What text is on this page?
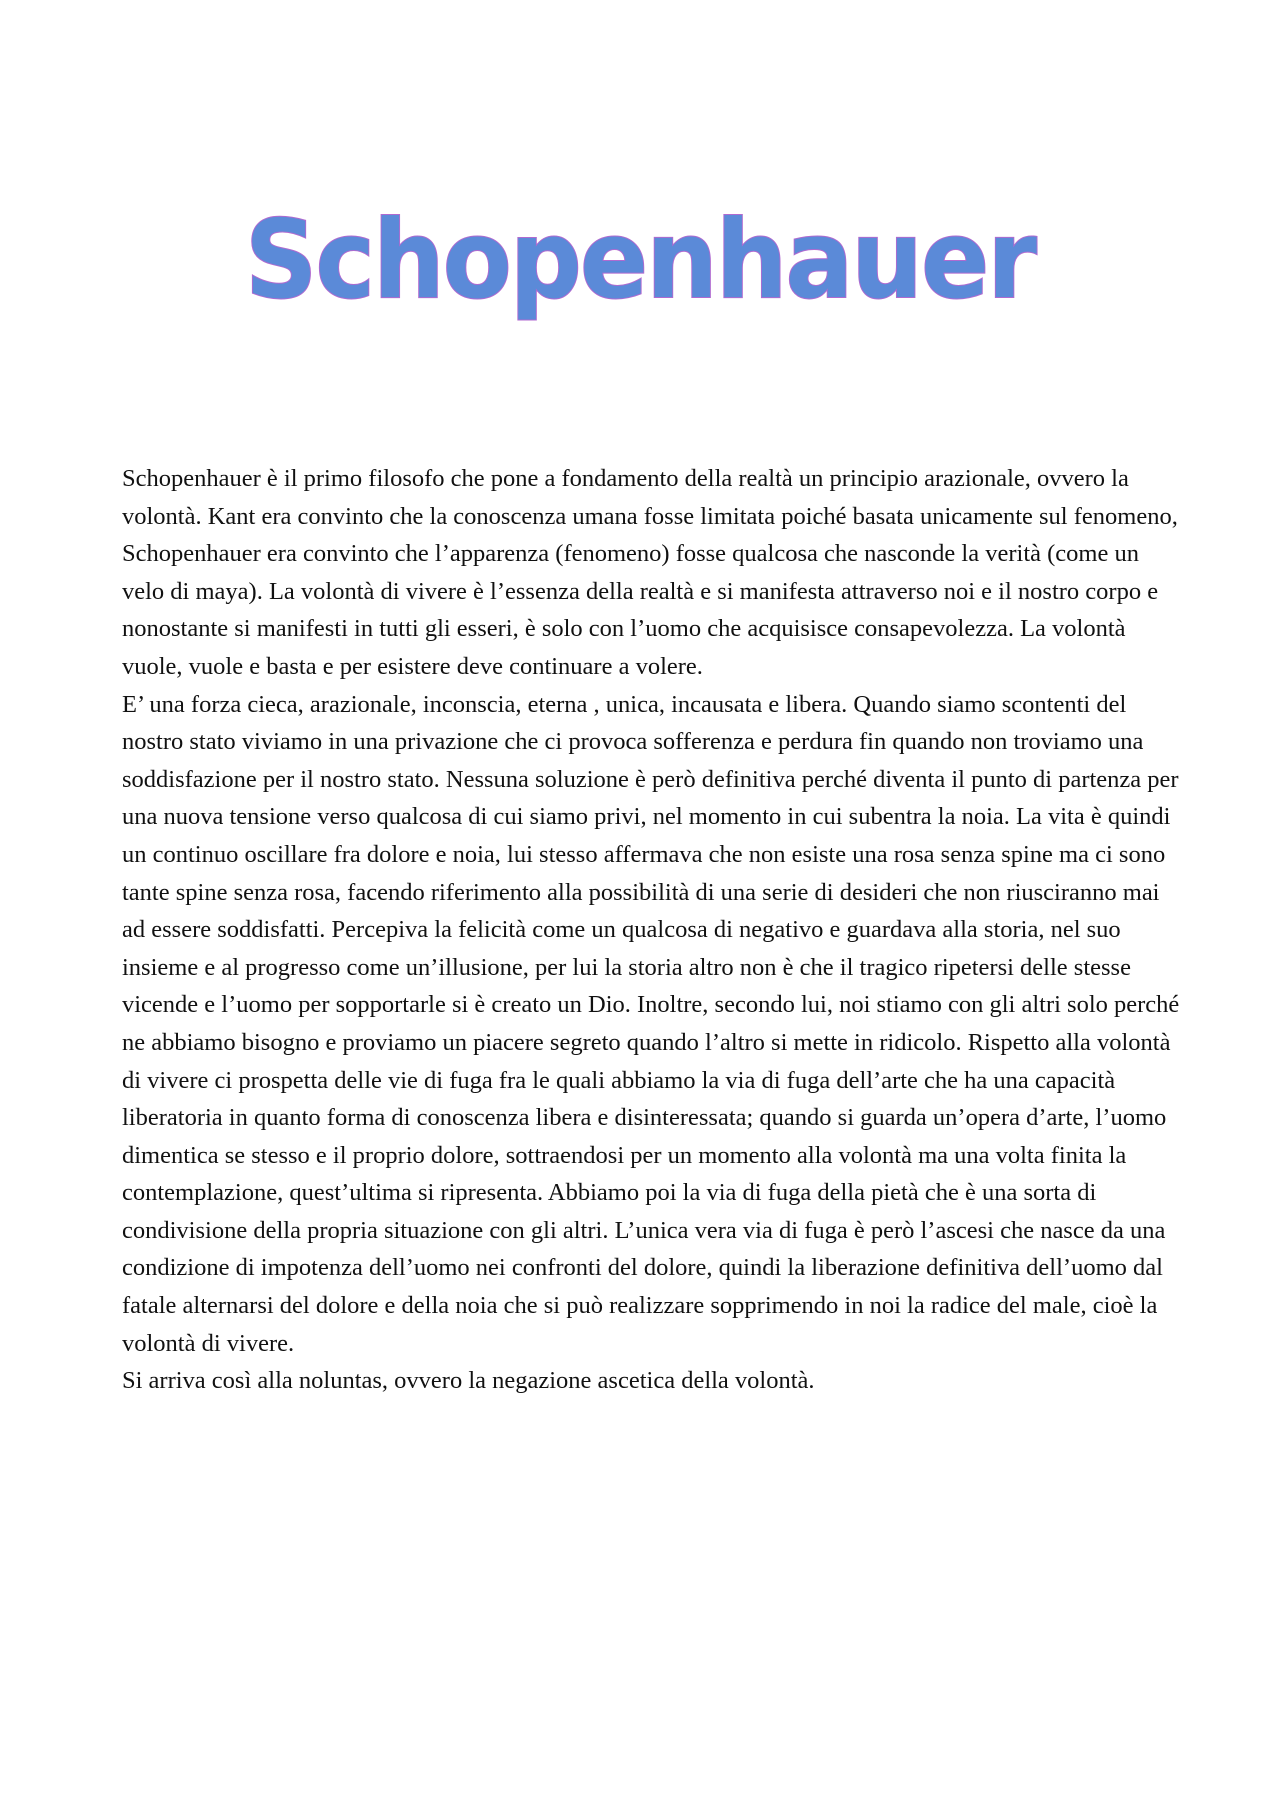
Schopenhauer

Schopenhauer è il primo filosofo che pone a fondamento della realtà un principio arazionale, ovvero la volontà. Kant era convinto che la conoscenza umana fosse limitata poiché basata unicamente sul fenomeno, Schopenhauer era convinto che l’apparenza (fenomeno) fosse qualcosa che nasconde la verità (come un velo di maya). La volontà di vivere è l’essenza della realtà e si manifesta attraverso noi e il nostro corpo e nonostante si manifesti in tutti gli esseri, è solo con l’uomo che acquisisce consapevolezza. La volontà vuole, vuole e basta e per esistere deve continuare a volere.

E’ una forza cieca, arazionale, inconscia, eterna , unica, incausata e libera. Quando siamo scontenti del nostro stato viviamo in una privazione che ci provoca sofferenza e perdura fin quando non troviamo una soddisfazione per il nostro stato. Nessuna soluzione è però definitiva perché diventa il punto di partenza per una nuova tensione verso qualcosa di cui siamo privi, nel momento in cui subentra la noia. La vita è quindi un continuo oscillare fra dolore e noia, lui stesso affermava che non esiste una rosa senza spine ma ci sono tante spine senza rosa, facendo riferimento alla possibilità di una serie di desideri che non riusciranno mai ad essere soddisfatti. Percepiva la felicità come un qualcosa di negativo e guardava alla storia, nel suo insieme e al progresso come un’illusione, per lui la storia altro non è che il tragico ripetersi delle stesse vicende e l’uomo per sopportarle si è creato un Dio. Inoltre, secondo lui, noi stiamo con gli altri solo perché ne abbiamo bisogno e proviamo un piacere segreto quando l’altro si mette in ridicolo. Rispetto alla volontà di vivere ci prospetta delle vie di fuga fra le quali abbiamo la via di fuga dell’arte che ha una capacità liberatoria in quanto forma di conoscenza libera e disinteressata; quando si guarda un’opera d’arte, l’uomo dimentica se stesso e il proprio dolore, sottraendosi per un momento alla volontà ma una volta finita la contemplazione, quest’ultima si ripresenta. Abbiamo poi la via di fuga della pietà che è una sorta di condivisione della propria situazione con gli altri. L’unica vera via di fuga è però l’ascesi che nasce da una condizione di impotenza dell’uomo nei confronti del dolore, quindi la liberazione definitiva dell’uomo dal fatale alternarsi del dolore e della noia che si può realizzare sopprimendo in noi la radice del male, cioè la volontà di vivere.

Si arriva così alla noluntas, ovvero la negazione ascetica della volontà.
